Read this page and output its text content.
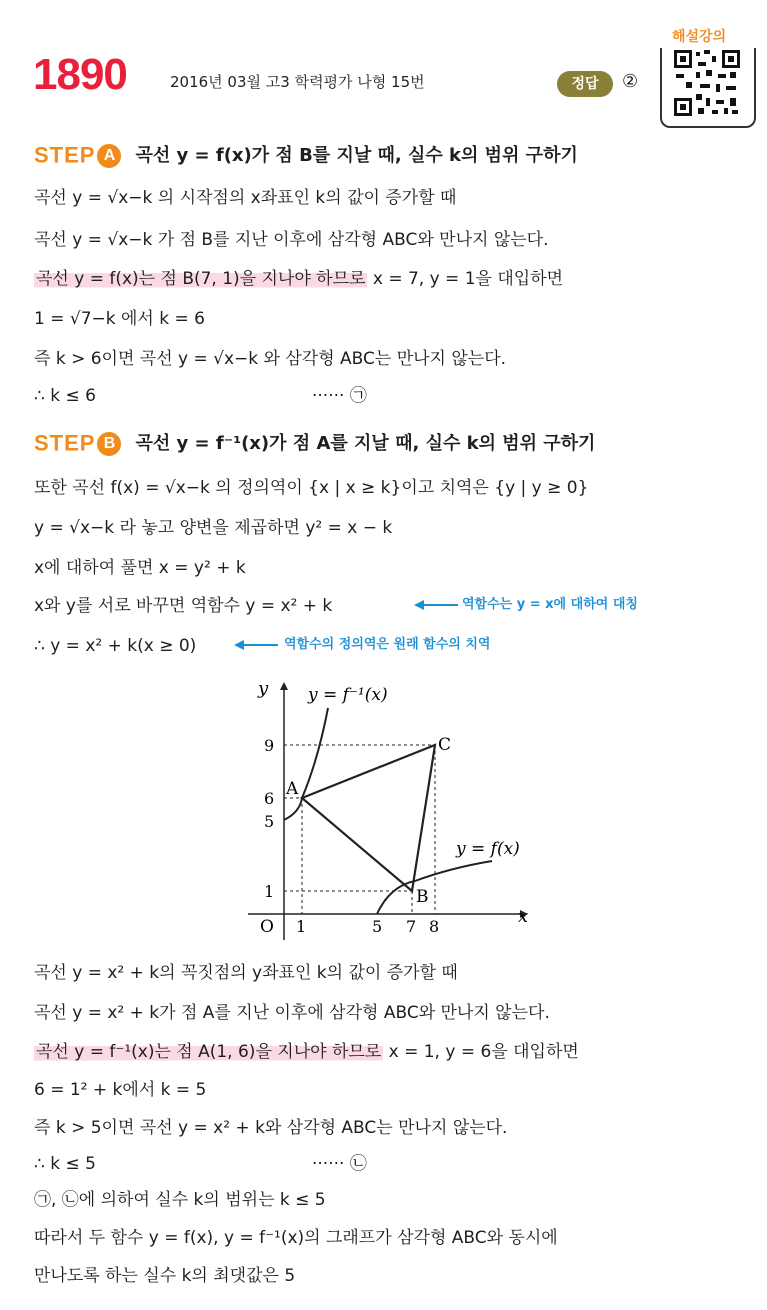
1890	2016년 03월 고3 학력평가 나형 15번	정답	②
해설강의
STEP A 곡선 y = f(x)가 점 B를 지날 때, 실수 k의 범위 구하기
곡선 y = √x−k 의 시작점의 x좌표인 k의 값이 증가할 때
곡선 y = √x−k 가 점 B를 지난 이후에 삼각형 ABC와 만나지 않는다.
곡선 y = f(x)는 점 B(7, 1)을 지나야 하므로 x = 7, y = 1을 대입하면
1 = √7−k 에서 k = 6
즉 k > 6이면 곡선 y = √x−k 와 삼각형 ABC는 만나지 않는다.
∴ k ≤ 6	······ ㉠
STEP B 곡선 y = f⁻¹(x)가 점 A를 지날 때, 실수 k의 범위 구하기
또한 곡선 f(x) = √x−k 의 정의역이 {x | x ≥ k}이고 치역은 {y | y ≥ 0}
y = √x−k 라 놓고 양변을 제곱하면 y² = x − k
x에 대하여 풀면 x = y² + k
x와 y를 서로 바꾸면 역함수 y = x² + k
∴ y = x² + k(x ≥ 0)
역함수는 y = x에 대하여 대칭
역함수의 정의역은 원래 함수의 치역
y
x
O
y = f⁻¹(x)
y = f(x)
1	5 7 8
1
5
6
9
A
B
C
곡선 y = x² + k의 꼭짓점의 y좌표인 k의 값이 증가할 때
곡선 y = x² + k가 점 A를 지난 이후에 삼각형 ABC와 만나지 않는다.
곡선 y = f⁻¹(x)는 점 A(1, 6)을 지나야 하므로 x = 1, y = 6을 대입하면
6 = 1² + k에서 k = 5
즉 k > 5이면 곡선 y = x² + k와 삼각형 ABC는 만나지 않는다.
∴ k ≤ 5	······ ㉡
㉠, ㉡에 의하여 실수 k의 범위는 k ≤ 5
따라서 두 함수 y = f(x), y = f⁻¹(x)의 그래프가 삼각형 ABC와 동시에
만나도록 하는 실수 k의 최댓값은 5
